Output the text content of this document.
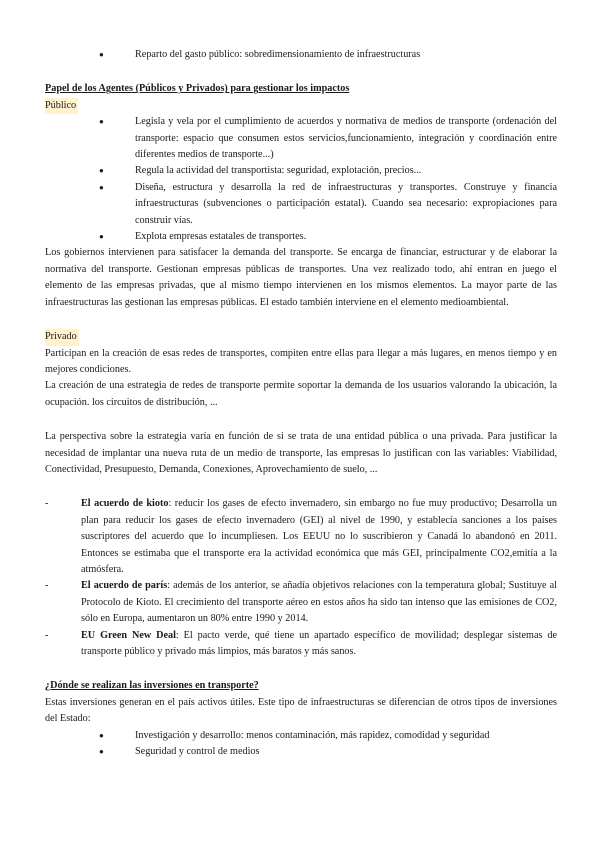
● Reparto del gasto público: sobredimensionamiento de infraestructuras

Papel de los Agentes (Públicos y Privados) para gestionar los impactos

Público

● Legisla y vela por el cumplimiento de acuerdos y normativa de medios de transporte (ordenación del transporte: espacio que consumen estos servicios,funcionamiento, integración y coordinación entre diferentes medios de transporte...)
● Regula la actividad del transportista: seguridad, explotación, precios...
● Diseña, estructura y desarrolla la red de infraestructuras y transportes. Construye y financia infraestructuras (subvenciones o participación estatal). Cuando sea necesario: expropiaciones para construir vías.
● Explota empresas estatales de transportes.

Los gobiernos intervienen para satisfacer la demanda del transporte. Se encarga de financiar, estructurar y de elaborar la normativa del transporte. Gestionan empresas públicas de transportes. Una vez realizado todo, ahí entran en juego el elemento de las empresas privadas, que al mismo tiempo intervienen en los mismos elementos. La mayor parte de las infraestructuras las gestionan las empresas públicas. El estado también interviene en el elemento medioambiental.

Privado

Participan en la creación de esas redes de transportes, compiten entre ellas para llegar a más lugares, en menos tiempo y en mejores condiciones.

La creación de una estrategia de redes de transporte permite soportar la demanda de los usuarios valorando la ubicación, la ocupación. los circuitos de distribución, ...

La perspectiva sobre la estrategia varía en función de si se trata de una entidad pública o una privada. Para justificar la necesidad de implantar una nueva ruta de un medio de transporte, las empresas lo justifican con las variables: Viabilidad, Conectividad, Presupuesto, Demanda, Conexiones, Aprovechamiento de suelo, ...

-	El acuerdo de kioto: reducir los gases de efecto invernadero, sin embargo no fue muy productivo; Desarrolla un plan para reducir los gases de efecto invernadero (GEI) al nivel de 1990, y establecía sanciones a los países suscriptores del acuerdo que lo incumpliesen. Los EEUU no lo suscribieron y Canadá lo abandonó en 2011. Entonces se estimaba que el transporte era la actividad económica que más GEI, principalmente CO2,emitía a la atmósfera.
-	El acuerdo de parís: además de los anterior, se añadía objetivos relaciones con la temperatura global; Sustituye al Protocolo de Kioto. El crecimiento del transporte aéreo en estos años ha sido tan intenso que las emisiones de CO2, sólo en Europa, aumentaron un 80% entre 1990 y 2014.
-	EU Green New Deal: El pacto verde, qué tiene un apartado específico de movilidad; desplegar sistemas de transporte público y privado más limpios, más baratos y más sanos.

¿Dónde se realizan las inversiones en transporte?

Estas inversiones generan en el país activos útiles. Este tipo de infraestructuras se diferencian de otros tipos de inversiones del Estado:

● Investigación y desarrollo: menos contaminación, más rapidez, comodidad y seguridad
● Seguridad y control de medios
